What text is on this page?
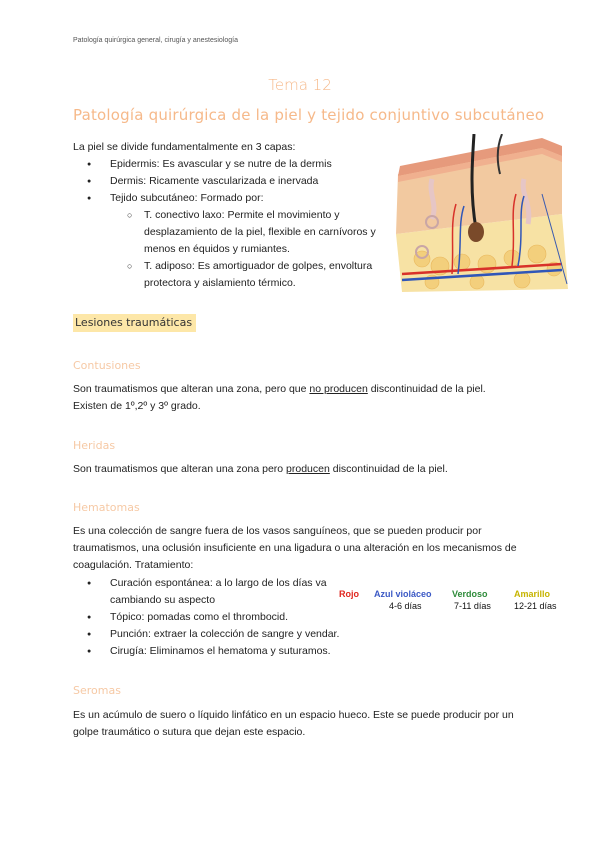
Patología quirúrgica general, cirugía y anestesiología
Tema 12
Patología quirúrgica de la piel y tejido conjuntivo subcutáneo
La piel se divide fundamentalmente en 3 capas:
● Epidermis: Es avascular y se nutre de la dermis
● Dermis: Ricamente vascularizada e inervada
● Tejido subcutáneo: Formado por:
○ T. conectivo laxo: Permite el movimiento y desplazamiento de la piel, flexible en carnívoros y menos en équidos y rumiantes.
○ T. adiposo: Es amortiguador de golpes, envoltura protectora y aislamiento térmico.
Lesiones traumáticas
Contusiones
Son traumatismos que alteran una zona, pero que no producen discontinuidad de la piel.
Existen de 1º,2º y 3º grado.
Heridas
Son traumatismos que alteran una zona pero producen discontinuidad de la piel.
Hematomas
Es una colección de sangre fuera de los vasos sanguíneos, que se pueden producir por traumatismos, una oclusión insuficiente en una ligadura o una alteración en los mecanismos de coagulación. Tratamiento:
● Curación espontánea: a lo largo de los días va cambiando su aspecto
● Tópico: pomadas como el thrombocid.
● Punción: extraer la colección de sangre y vendar.
● Cirugía: Eliminamos el hematoma y suturamos.
Rojo Azul violáceo
4-6 días
Verdoso
7-11 días
Amarillo
12-21 días
Seromas
Es un acúmulo de suero o líquido linfático en un espacio hueco. Este se puede producir por un golpe traumático o sutura que dejan este espacio.
